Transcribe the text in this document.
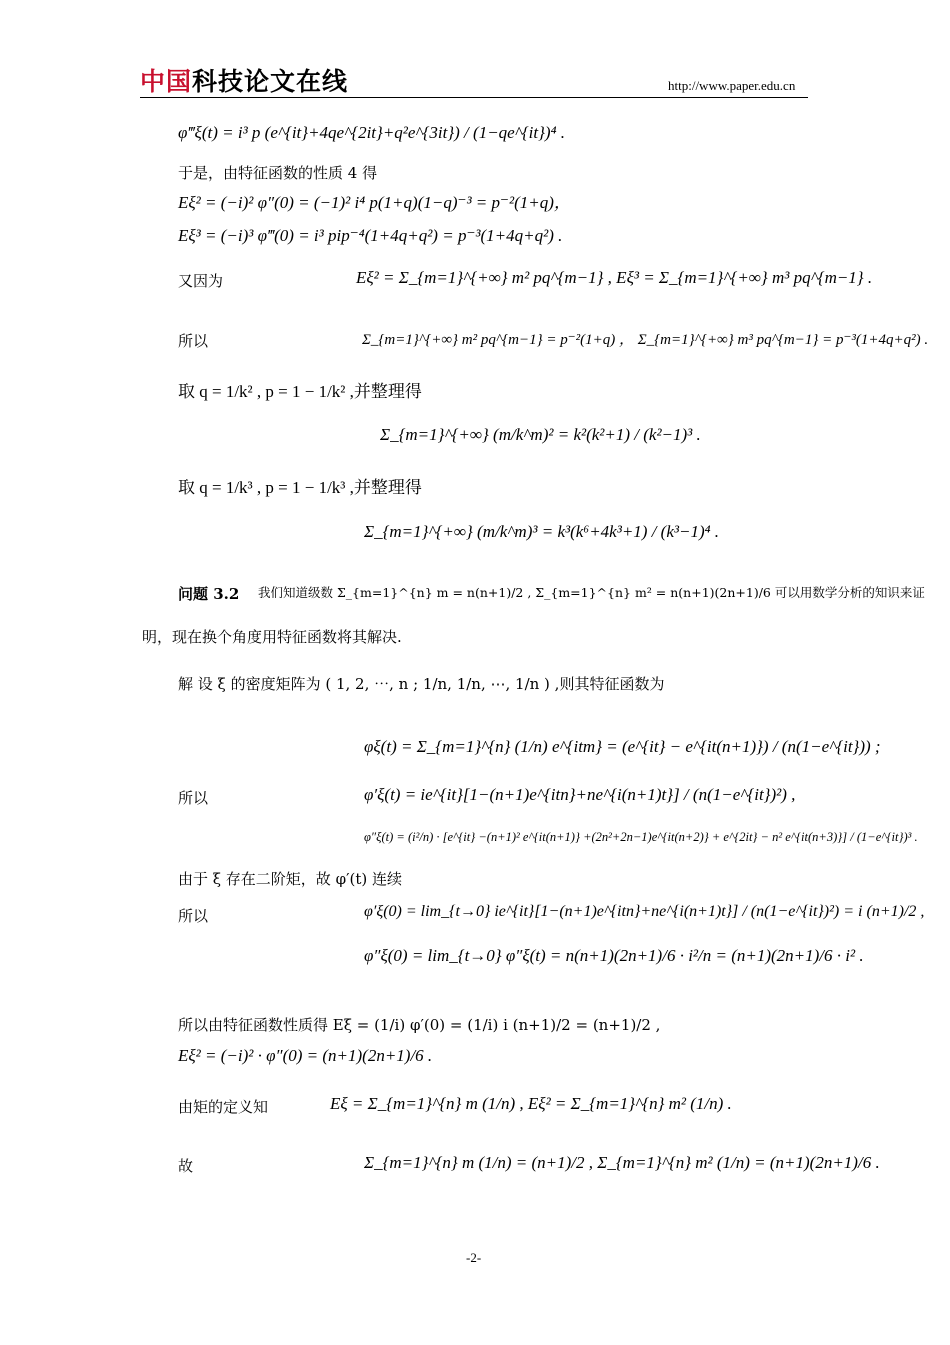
中国科技论文在线	http://www.paper.edu.cn
φ‴ξ(t) = i³ p (e^{it}+4qe^{2it}+q²e^{3it}) / (1−qe^{it})⁴ .
于是，由特征函数的性质 4 得
Eξ² = (−i)² φ″(0) = (−1)² i⁴ p(1+q)(1−q)⁻³ = p⁻²(1+q)，
Eξ³ = (−i)³ φ‴(0) = i³ pip⁻⁴(1+4q+q²) = p⁻³(1+4q+q²) .
又因为	Eξ² = Σ_{m=1}^{+∞} m² pq^{m−1} , Eξ³ = Σ_{m=1}^{+∞} m³ pq^{m−1} .
所以	Σ_{m=1}^{+∞} m² pq^{m−1} = p⁻²(1+q) ， Σ_{m=1}^{+∞} m³ pq^{m−1} = p⁻³(1+4q+q²) .
取 q = 1/k² , p = 1 − 1/k² ,并整理得
Σ_{m=1}^{+∞} (m/k^m)² = k²(k²+1) / (k²−1)³ .
取 q = 1/k³ , p = 1 − 1/k³ ,并整理得
Σ_{m=1}^{+∞} (m/k^m)³ = k³(k⁶+4k³+1) / (k³−1)⁴ .
问题 3.2 我们知道级数 Σ_{m=1}^{n} m = n(n+1)/2 , Σ_{m=1}^{n} m² = n(n+1)(2n+1)/6 可以用数学分析的知识来证
明，现在换个角度用特征函数将其解决.
解 设 ξ 的密度矩阵为 ( 1, 2, ⋯, n ; 1/n, 1/n, ⋯, 1/n ) ,则其特征函数为
φξ(t) = Σ_{m=1}^{n} (1/n) e^{itm} = (e^{it} − e^{it(n+1)}) / (n(1−e^{it})) ;
所以	φ′ξ(t) = ie^{it}[1−(n+1)e^{itn}+ne^{i(n+1)t}] / (n(1−e^{it})²) ,
φ″ξ(t) = (i²/n) · [e^{it} −(n+1)² e^{it(n+1)} +(2n²+2n−1)e^{it(n+2)} + e^{2it} − n² e^{it(n+3)}] / (1−e^{it})³ .
由于 ξ 存在二阶矩，故 φ′(t) 连续
所以	φ′ξ(0) = lim_{t→0} ie^{it}[1−(n+1)e^{itn}+ne^{i(n+1)t}] / (n(1−e^{it})²) = i (n+1)/2 ,
φ″ξ(0) = lim_{t→0} φ″ξ(t) = n(n+1)(2n+1)/6 · i²/n = (n+1)(2n+1)/6 · i² .
所以由特征函数性质得 Eξ = (1/i) φ′(0) = (1/i) i (n+1)/2 = (n+1)/2 ,
Eξ² = (−i)² · φ″(0) = (n+1)(2n+1)/6 .
由矩的定义知	Eξ = Σ_{m=1}^{n} m (1/n) , Eξ² = Σ_{m=1}^{n} m² (1/n) .
故	Σ_{m=1}^{n} m (1/n) = (n+1)/2 , Σ_{m=1}^{n} m² (1/n) = (n+1)(2n+1)/6 .
-2-
